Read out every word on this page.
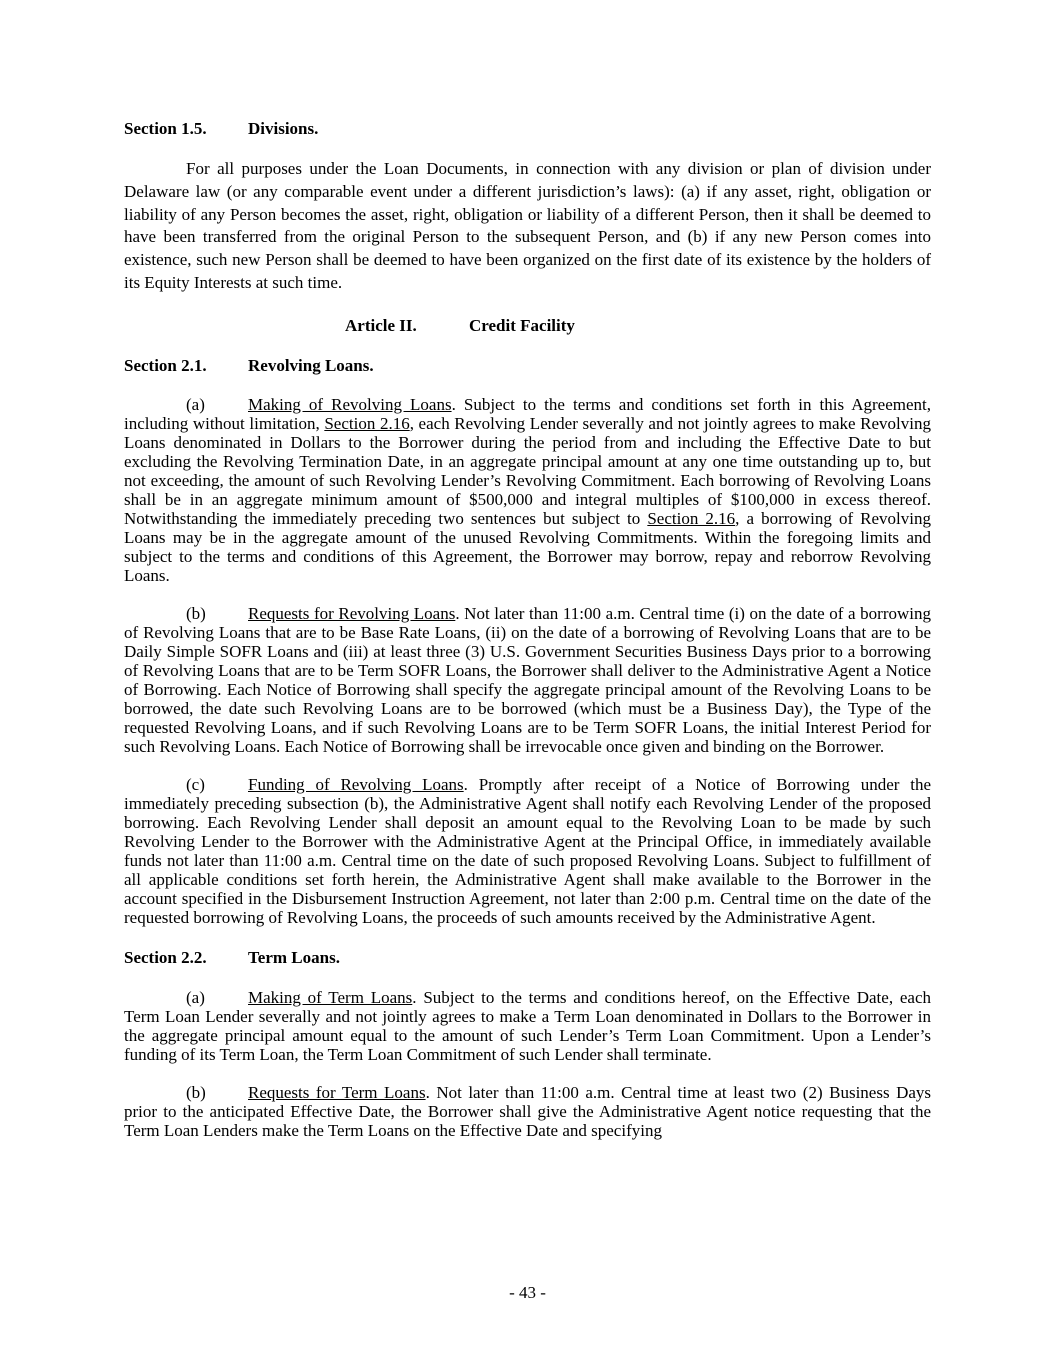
Section 1.5. Divisions.

For all purposes under the Loan Documents, in connection with any division or plan of division under Delaware law (or any comparable event under a different jurisdiction’s laws): (a) if any asset, right, obligation or liability of any Person becomes the asset, right, obligation or liability of a different Person, then it shall be deemed to have been transferred from the original Person to the subsequent Person, and (b) if any new Person comes into existence, such new Person shall be deemed to have been organized on the first date of its existence by the holders of its Equity Interests at such time.

Article II.	Credit Facility

Section 2.1. Revolving Loans.

(a)	Making of Revolving Loans. Subject to the terms and conditions set forth in this Agreement, including without limitation, Section 2.16, each Revolving Lender severally and not jointly agrees to make Revolving Loans denominated in Dollars to the Borrower during the period from and including the Effective Date to but excluding the Revolving Termination Date, in an aggregate principal amount at any one time outstanding up to, but not exceeding, the amount of such Revolving Lender’s Revolving Commitment. Each borrowing of Revolving Loans shall be in an aggregate minimum amount of $500,000 and integral multiples of $100,000 in excess thereof. Notwithstanding the immediately preceding two sentences but subject to Section 2.16, a borrowing of Revolving Loans may be in the aggregate amount of the unused Revolving Commitments. Within the foregoing limits and subject to the terms and conditions of this Agreement, the Borrower may borrow, repay and reborrow Revolving Loans.

(b) Requests for Revolving Loans. Not later than 11:00 a.m. Central time (i) on the date of a borrowing of Revolving Loans that are to be Base Rate Loans, (ii) on the date of a borrowing of Revolving Loans that are to be Daily Simple SOFR Loans and (iii) at least three (3) U.S. Government Securities Business Days prior to a borrowing of Revolving Loans that are to be Term SOFR Loans, the Borrower shall deliver to the Administrative Agent a Notice of Borrowing. Each Notice of Borrowing shall specify the aggregate principal amount of the Revolving Loans to be borrowed, the date such Revolving Loans are to be borrowed (which must be a Business Day), the Type of the requested Revolving Loans, and if such Revolving Loans are to be Term SOFR Loans, the initial Interest Period for such Revolving Loans. Each Notice of Borrowing shall be irrevocable once given and binding on the Borrower.

(c)	Funding of Revolving Loans. Promptly after receipt of a Notice of Borrowing under the immediately preceding subsection (b), the Administrative Agent shall notify each Revolving Lender of the proposed borrowing. Each Revolving Lender shall deposit an amount equal to the Revolving Loan to be made by such Revolving Lender to the Borrower with the Administrative Agent at the Principal Office, in immediately available funds not later than 11:00 a.m. Central time on the date of such proposed Revolving Loans. Subject to fulfillment of all applicable conditions set forth herein, the Administrative Agent shall make available to the Borrower in the account specified in the Disbursement Instruction Agreement, not later than 2:00 p.m. Central time on the date of the requested borrowing of Revolving Loans, the proceeds of such amounts received by the Administrative Agent.

Section 2.2. Term Loans.

(a)	Making of Term Loans. Subject to the terms and conditions hereof, on the Effective Date, each Term Loan Lender severally and not jointly agrees to make a Term Loan denominated in Dollars to the Borrower in the aggregate principal amount equal to the amount of such Lender’s Term Loan Commitment. Upon a Lender’s funding of its Term Loan, the Term Loan Commitment of such Lender shall terminate.

(b) Requests for Term Loans. Not later than 11:00 a.m. Central time at least two (2) Business Days prior to the anticipated Effective Date, the Borrower shall give the Administrative Agent notice requesting that the Term Loan Lenders make the Term Loans on the Effective Date and specifying

- 43 -
